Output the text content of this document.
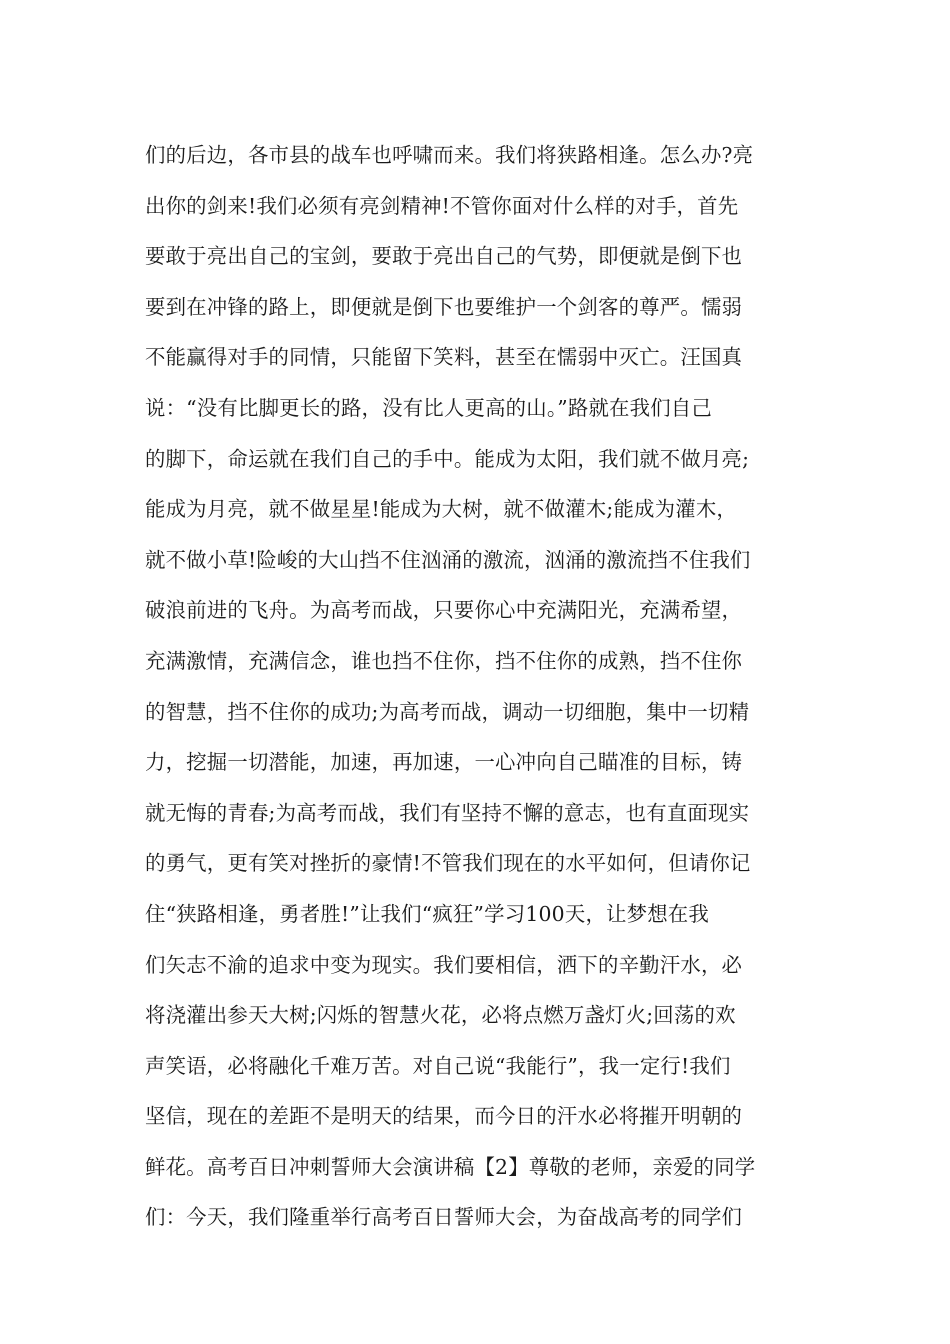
们的后边，各市县的战车也呼啸而来。我们将狭路相逢。怎么办?亮
出你的剑来!我们必须有亮剑精神!不管你面对什么样的对手，首先
要敢于亮出自己的宝剑，要敢于亮出自己的气势，即便就是倒下也
要到在冲锋的路上，即便就是倒下也要维护一个剑客的尊严。懦弱
不能赢得对手的同情，只能留下笑料，甚至在懦弱中灭亡。汪国真
说：“没有比脚更长的路，没有比人更高的山。”路就在我们自己
的脚下，命运就在我们自己的手中。能成为太阳，我们就不做月亮;
能成为月亮，就不做星星!能成为大树，就不做灌木;能成为灌木，
就不做小草!险峻的大山挡不住汹涌的激流，汹涌的激流挡不住我们
破浪前进的飞舟。为高考而战，只要你心中充满阳光，充满希望，
充满激情，充满信念，谁也挡不住你，挡不住你的成熟，挡不住你
的智慧，挡不住你的成功;为高考而战，调动一切细胞，集中一切精
力，挖掘一切潜能，加速，再加速，一心冲向自己瞄准的目标，铸
就无悔的青春;为高考而战，我们有坚持不懈的意志，也有直面现实
的勇气，更有笑对挫折的豪情!不管我们现在的水平如何，但请你记
住“狭路相逢，勇者胜!”让我们“疯狂”学习100天，让梦想在我
们矢志不渝的追求中变为现实。我们要相信，洒下的辛勤汗水，必
将浇灌出参天大树;闪烁的智慧火花，必将点燃万盏灯火;回荡的欢
声笑语，必将融化千难万苦。对自己说“我能行”，我一定行!我们
坚信，现在的差距不是明天的结果，而今日的汗水必将摧开明朝的
鲜花。高考百日冲刺誓师大会演讲稿【2】尊敬的老师，亲爱的同学
们：今天，我们隆重举行高考百日誓师大会，为奋战高考的同学们
